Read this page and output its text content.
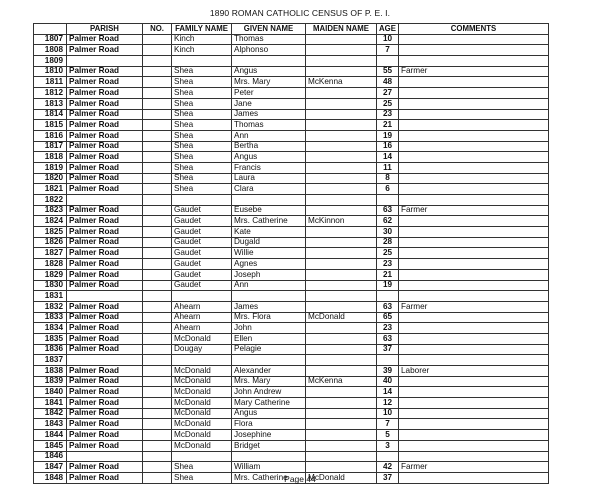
1890 ROMAN CATHOLIC CENSUS OF P. E. I.
	PARISH	NO.	FAMILY NAME	GIVEN NAME	MAIDEN NAME	AGE	COMMENTS
1807	Palmer Road		Kinch	Thomas		10	
1808	Palmer Road		Kinch	Alphonso		7	
1809							
1810	Palmer Road		Shea	Angus		55	Farmer
1811	Palmer Road		Shea	Mrs. Mary	McKenna	48	
1812	Palmer Road		Shea	Peter		27	
1813	Palmer Road		Shea	Jane		25	
1814	Palmer Road		Shea	James		23	
1815	Palmer Road		Shea	Thomas		21	
1816	Palmer Road		Shea	Ann		19	
1817	Palmer Road		Shea	Bertha		16	
1818	Palmer Road		Shea	Angus		14	
1819	Palmer Road		Shea	Francis		11	
1820	Palmer Road		Shea	Laura		8	
1821	Palmer Road		Shea	Clara		6	
1822							
1823	Palmer Road		Gaudet	Eusebe		63	Farmer
1824	Palmer Road		Gaudet	Mrs. Catherine	McKinnon	62	
1825	Palmer Road		Gaudet	Kate		30	
1826	Palmer Road		Gaudet	Dugald		28	
1827	Palmer Road		Gaudet	Willie		25	
1828	Palmer Road		Gaudet	Agnes		23	
1829	Palmer Road		Gaudet	Joseph		21	
1830	Palmer Road		Gaudet	Ann		19	
1831							
1832	Palmer Road		Ahearn	James		63	Farmer
1833	Palmer Road		Ahearn	Mrs. Flora	McDonald	65	
1834	Palmer Road		Ahearn	John		23	
1835	Palmer Road		McDonald	Ellen		63	
1836	Palmer Road		Dougay	Pelagie		37	
1837							
1838	Palmer Road		McDonald	Alexander		39	Laborer
1839	Palmer Road		McDonald	Mrs. Mary	McKenna	40	
1840	Palmer Road		McDonald	John Andrew		14	
1841	Palmer Road		McDonald	Mary Catherine		12	
1842	Palmer Road		McDonald	Angus		10	
1843	Palmer Road		McDonald	Flora		7	
1844	Palmer Road		McDonald	Josephine		5	
1845	Palmer Road		McDonald	Bridget		3	
1846							
1847	Palmer Road		Shea	William		42	Farmer
1848	Palmer Road		Shea	Mrs. Catherine	McDonald	37	
Page 44
